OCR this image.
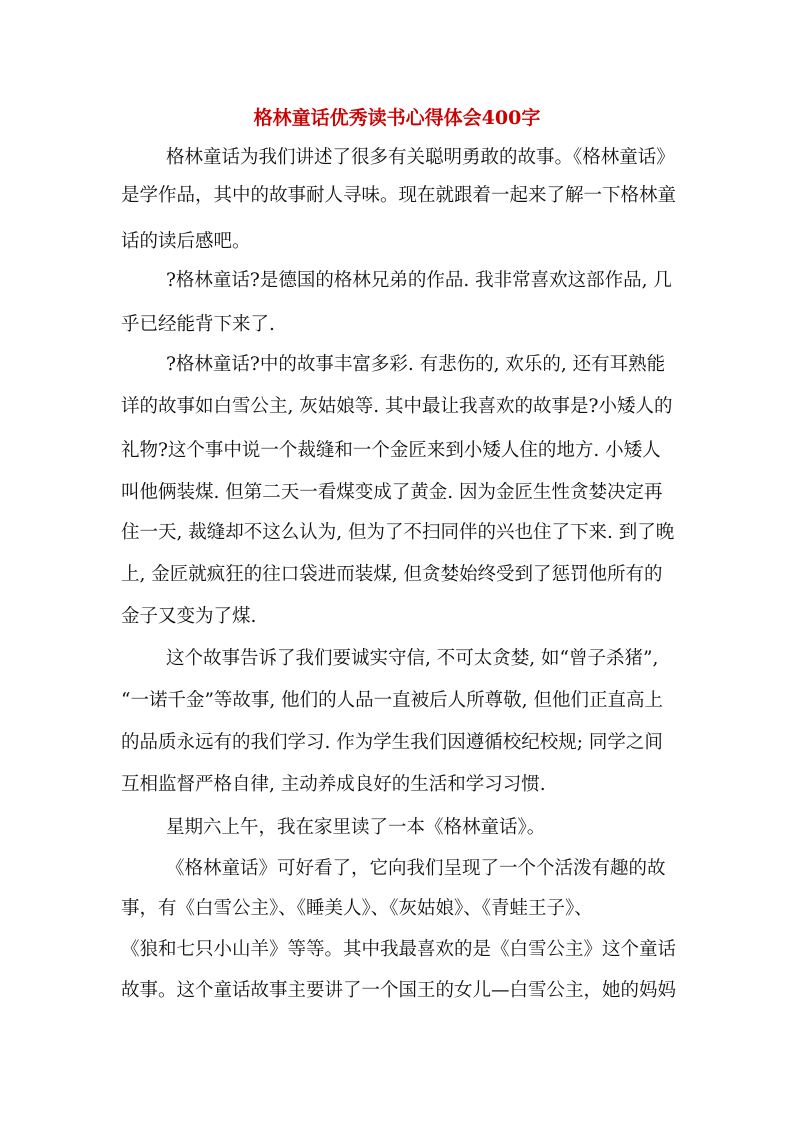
格林童话优秀读书心得体会400字
格林童话为我们讲述了很多有关聪明勇敢的故事。《格林童话》
是学作品，其中的故事耐人寻味。现在就跟着一起来了解一下格林童
话的读后感吧。
?格林童话?是德国的格林兄弟的作品. 我非常喜欢这部作品, 几
乎已经能背下来了.
?格林童话?中的故事丰富多彩. 有悲伤的, 欢乐的, 还有耳熟能
详的故事如白雪公主, 灰姑娘等. 其中最让我喜欢的故事是?小矮人的
礼物?这个事中说一个裁缝和一个金匠来到小矮人住的地方. 小矮人
叫他俩装煤. 但第二天一看煤变成了黄金. 因为金匠生性贪婪决定再
住一天, 裁缝却不这么认为, 但为了不扫同伴的兴也住了下来. 到了晚
上, 金匠就疯狂的往口袋进而装煤, 但贪婪始终受到了惩罚他所有的
金子又变为了煤.
这个故事告诉了我们要诚实守信, 不可太贪婪, 如“曾子杀猪”,
“一诺千金”等故事, 他们的人品一直被后人所尊敬, 但他们正直高上
的品质永远有的我们学习. 作为学生我们因遵循校纪校规; 同学之间
互相监督严格自律, 主动养成良好的生活和学习习惯.
星期六上午，我在家里读了一本《格林童话》。
《格林童话》可好看了，它向我们呈现了一个个活泼有趣的故
事，有《白雪公主》、《睡美人》、《灰姑娘》、《青蛙王子》、
《狼和七只小山羊》等等。其中我最喜欢的是《白雪公主》这个童话
故事。这个童话故事主要讲了一个国王的女儿—白雪公主，她的妈妈
